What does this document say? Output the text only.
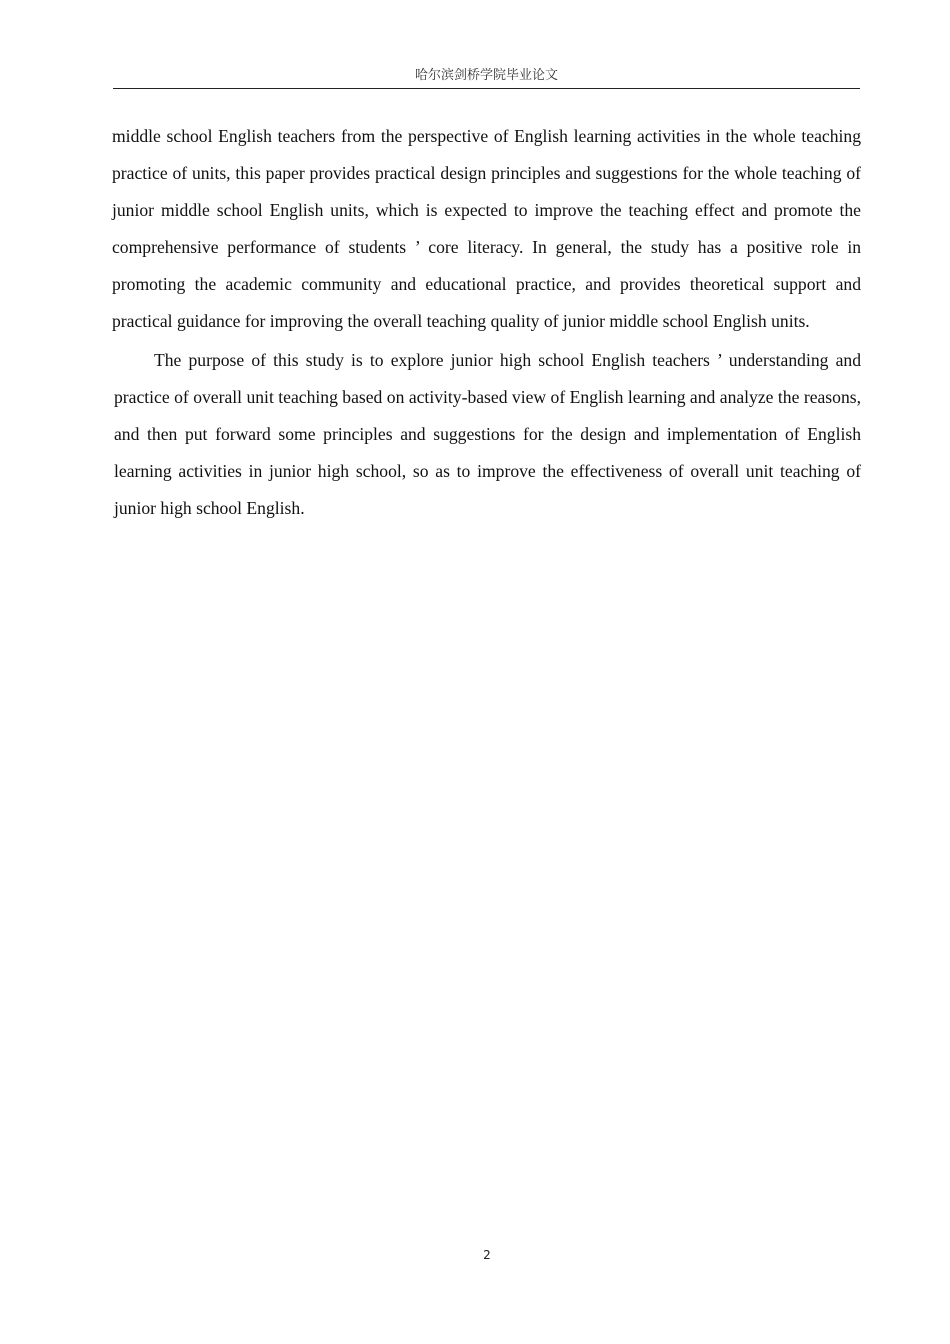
哈尔滨剑桥学院毕业论文

middle school English teachers from the perspective of English learning activities in the whole teaching practice of units, this paper provides practical design principles and suggestions for the whole teaching of junior middle school English units, which is expected to improve the teaching effect and promote the comprehensive performance of students ’ core literacy. In general, the study has a positive role in promoting the academic community and educational practice, and provides theoretical support and practical guidance for improving the overall teaching quality of junior middle school English units.

The purpose of this study is to explore junior high school English teachers ’ understanding and practice of overall unit teaching based on activity-based view of English learning and analyze the reasons, and then put forward some principles and suggestions for the design and implementation of English learning activities in junior high school, so as to improve the effectiveness of overall unit teaching of junior high school English.

2
